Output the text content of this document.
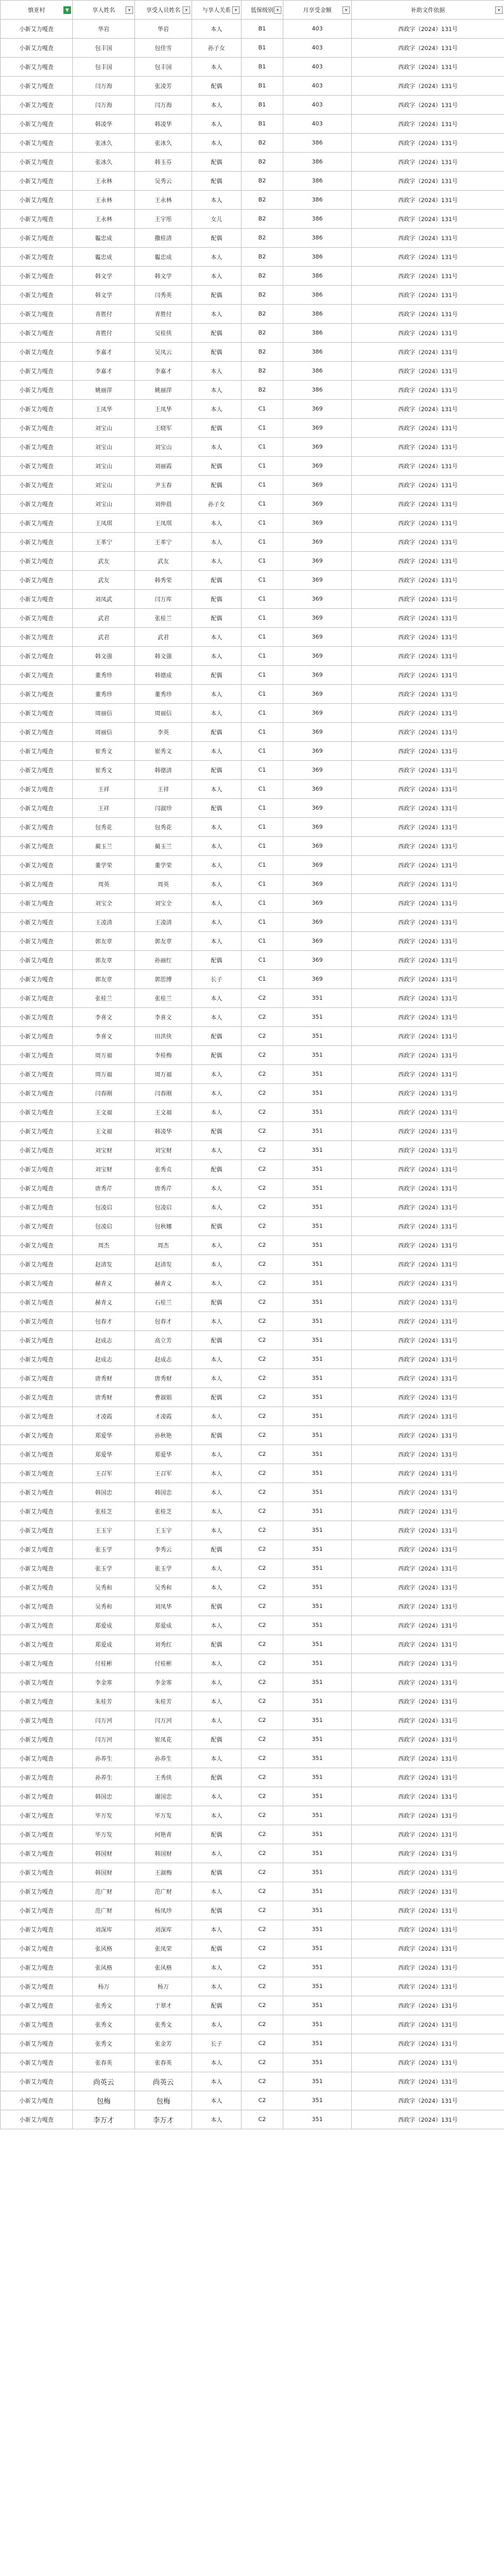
慎亚村 ▼	享人姓名 ▾	享受人员姓名 ▾	与享人关系 ▾	低保级别 ▾	月享受金额 ▾	补助文件依据 ▾

小新艾力嘎査	华岩	华岩	本人	B1	403	西政字（2024）131号
小新艾力嘎査	包丰国	包佳雪	孙子女	B1	403	西政字（2024）131号
小新艾力嘎査	包丰国	包丰国	本人	B1	403	西政字（2024）131号
小新艾力嘎査	闫万海	张凌芳	配偶	B1	403	西政字（2024）131号
小新艾力嘎査	闫万海	闫万海	本人	B1	403	西政字（2024）131号
小新艾力嘎査	韩凌华	韩凌华	本人	B1	403	西政字（2024）131号
小新艾力嘎査	张冰久	张冰久	本人	B2	386	西政字（2024）131号
小新艾力嘎査	张冰久	韩玉芬	配偶	B2	386	西政字（2024）131号
小新艾力嘎査	王永林	吴秀云	配偶	B2	386	西政字（2024）131号
小新艾力嘎査	王永林	王永林	本人	B2	386	西政字（2024）131号
小新艾力嘎査	王永林	王宇彤	女儿	B2	386	西政字（2024）131号
小新艾力嘎査	韞忠成	撒桂清	配偶	B2	386	西政字（2024）131号
小新艾力嘎査	韞忠成	韞忠成	本人	B2	386	西政字（2024）131号
小新艾力嘎査	韩文学	韩文学	本人	B2	386	西政字（2024）131号
小新艾力嘎査	韩文学	闫秀英	配偶	B2	386	西政字（2024）131号
小新艾力嘎査	青胜付	青胜付	本人	B2	386	西政字（2024）131号
小新艾力嘎査	青胜付	吴桂侠	配偶	B2	386	西政字（2024）131号
小新艾力嘎査	李嘉才	吴凤云	配偶	B2	386	西政字（2024）131号
小新艾力嘎査	李嘉才	李嘉才	本人	B2	386	西政字（2024）131号
小新艾力嘎査	姚丽萍	姚丽萍	本人	B2	386	西政字（2024）131号
小新艾力嘎査	王凤华	王凤华	本人	C1	369	西政字（2024）131号
小新艾力嘎査	刘宝山	王晓军	配偶	C1	369	西政字（2024）131号
小新艾力嘎査	刘宝山	刘宝山	本人	C1	369	西政字（2024）131号
小新艾力嘎査	刘宝山	刘丽霞	配偶	C1	369	西政字（2024）131号
小新艾力嘎査	刘宝山	尹玉春	配偶	C1	369	西政字（2024）131号
小新艾力嘎査	刘宝山	刘仲晨	孙子女	C1	369	西政字（2024）131号
小新艾力嘎査	王凤琪	王凤琪	本人	C1	369	西政字（2024）131号
小新艾力嘎査	王革宁	王革宁	本人	C1	369	西政字（2024）131号
小新艾力嘎査	武友	武友	本人	C1	369	西政字（2024）131号
小新艾力嘎査	武友	韩秀荣	配偶	C1	369	西政字（2024）131号
小新艾力嘎査	刘凤武	闫万库	配偶	C1	369	西政字（2024）131号
小新艾力嘎査	武君	张桂兰	配偶	C1	369	西政字（2024）131号
小新艾力嘎査	武君	武君	本人	C1	369	西政字（2024）131号
小新艾力嘎査	韩文强	韩文强	本人	C1	369	西政字（2024）131号
小新艾力嘎査	董秀珍	韩德成	配偶	C1	369	西政字（2024）131号
小新艾力嘎査	董秀珍	董秀珍	本人	C1	369	西政字（2024）131号
小新艾力嘎査	周丽信	周丽信	本人	C1	369	西政字（2024）131号
小新艾力嘎査	周丽信	李英	配偶	C1	369	西政字（2024）131号
小新艾力嘎査	崔秀文	崔秀文	本人	C1	369	西政字（2024）131号
小新艾力嘎査	崔秀文	韩德清	配偶	C1	369	西政字（2024）131号
小新艾力嘎査	王祥	王祥	本人	C1	369	西政字（2024）131号
小新艾力嘎査	王祥	闫淑珍	配偶	C1	369	西政字（2024）131号
小新艾力嘎査	包秀花	包秀花	本人	C1	369	西政字（2024）131号
小新艾力嘎査	蔺玉兰	蔺玉兰	本人	C1	369	西政字（2024）131号
小新艾力嘎査	董学荣	董学荣	本人	C1	369	西政字（2024）131号
小新艾力嘎査	周英	周英	本人	C1	369	西政字（2024）131号
小新艾力嘎査	刘宝全	刘宝全	本人	C1	369	西政字（2024）131号
小新艾力嘎査	王凌清	王凌清	本人	C1	369	西政字（2024）131号
小新艾力嘎査	郭友章	郭友章	本人	C1	369	西政字（2024）131号
小新艾力嘎査	郭友章	孙丽红	配偶	C1	369	西政字（2024）131号
小新艾力嘎査	郭友章	郭思博	长子	C1	369	西政字（2024）131号
小新艾力嘎査	张桂兰	张桂兰	本人	C2	351	西政字（2024）131号
小新艾力嘎査	李喜文	李喜文	本人	C2	351	西政字（2024）131号
小新艾力嘎査	李喜文	田洪侠	配偶	C2	351	西政字（2024）131号
小新艾力嘎査	周万福	李桂梅	配偶	C2	351	西政字（2024）131号
小新艾力嘎査	周万福	周万福	本人	C2	351	西政字（2024）131号
小新艾力嘎査	闫春刚	闫春刚	本人	C2	351	西政字（2024）131号
小新艾力嘎査	王文福	王文福	本人	C2	351	西政字（2024）131号
小新艾力嘎査	王文福	韩凌华	配偶	C2	351	西政字（2024）131号
小新艾力嘎査	刘宝财	刘宝财	本人	C2	351	西政字（2024）131号
小新艾力嘎査	刘宝财	张秀贞	配偶	C2	351	西政字（2024）131号
小新艾力嘎査	唐秀芹	唐秀芹	本人	C2	351	西政字（2024）131号
小新艾力嘎査	包凌启	包凌启	本人	C2	351	西政字（2024）131号
小新艾力嘎査	包凌启	包秋娜	配偶	C2	351	西政字（2024）131号
小新艾力嘎査	周杰	周杰	本人	C2	351	西政字（2024）131号
小新艾力嘎査	赵清发	赵清发	本人	C2	351	西政字（2024）131号
小新艾力嘎査	赫青义	赫青义	本人	C2	351	西政字（2024）131号
小新艾力嘎査	赫青义	石桂兰	配偶	C2	351	西政字（2024）131号
小新艾力嘎査	包春才	包春才	本人	C2	351	西政字（2024）131号
小新艾力嘎査	赵成志	高立芳	配偶	C2	351	西政字（2024）131号
小新艾力嘎査	赵成志	赵成志	本人	C2	351	西政字（2024）131号
小新艾力嘎査	唐秀财	唐秀财	本人	C2	351	西政字（2024）131号
小新艾力嘎査	唐秀财	曹淑娟	配偶	C2	351	西政字（2024）131号
小新艾力嘎査	才凌霞	才凌霞	本人	C2	351	西政字（2024）131号
小新艾力嘎査	郑爱华	孙秋艳	配偶	C2	351	西政字（2024）131号
小新艾力嘎査	郑爱华	郑爱华	本人	C2	351	西政字（2024）131号
小新艾力嘎査	王召军	王召军	本人	C2	351	西政字（2024）131号
小新艾力嘎査	韩国忠	韩国忠	本人	C2	351	西政字（2024）131号
小新艾力嘎査	张桂芝	张桂芝	本人	C2	351	西政字（2024）131号
小新艾力嘎査	王玉宇	王玉宇	本人	C2	351	西政字（2024）131号
小新艾力嘎査	张玉学	李秀云	配偶	C2	351	西政字（2024）131号
小新艾力嘎査	张玉学	张玉学	本人	C2	351	西政字（2024）131号
小新艾力嘎査	吴秀和	吴秀和	本人	C2	351	西政字（2024）131号
小新艾力嘎査	吴秀和	刘凤华	配偶	C2	351	西政字（2024）131号
小新艾力嘎査	郑爱成	郑爱成	本人	C2	351	西政字（2024）131号
小新艾力嘎査	郑爱成	刘秀红	配偶	C2	351	西政字（2024）131号
小新艾力嘎査	付桂彬	付桂彬	本人	C2	351	西政字（2024）131号
小新艾力嘎査	李金寒	李金寒	本人	C2	351	西政字（2024）131号
小新艾力嘎査	朱桂芳	朱桂芳	本人	C2	351	西政字（2024）131号
小新艾力嘎査	闫万河	闫万河	本人	C2	351	西政字（2024）131号
小新艾力嘎査	闫万河	崔凤花	配偶	C2	351	西政字（2024）131号
小新艾力嘎査	孙养生	孙养生	本人	C2	351	西政字（2024）131号
小新艾力嘎査	孙养生	王秀侠	配偶	C2	351	西政字（2024）131号
小新艾力嘎査	韩国忠	谢国忠	本人	C2	351	西政字（2024）131号
小新艾力嘎査	毕万发	毕万发	本人	C2	351	西政字（2024）131号
小新艾力嘎査	毕万发	何艳青	配偶	C2	351	西政字（2024）131号
小新艾力嘎査	韩国财	韩国财	本人	C2	351	西政字（2024）131号
小新艾力嘎査	韩国财	王淑梅	配偶	C2	351	西政字（2024）131号
小新艾力嘎査	范广财	范广财	本人	C2	351	西政字（2024）131号
小新艾力嘎査	范广财	杨凤珍	配偶	C2	351	西政字（2024）131号
小新艾力嘎査	刘深库	刘深库	本人	C2	351	西政字（2024）131号
小新艾力嘎査	张风格	张凤荣	配偶	C2	351	西政字（2024）131号
小新艾力嘎査	张风格	张风格	本人	C2	351	西政字（2024）131号
小新艾力嘎査	杨万	杨万	本人	C2	351	西政字（2024）131号
小新艾力嘎査	张秀文	于翠才	配偶	C2	351	西政字（2024）131号
小新艾力嘎査	张秀文	张秀文	本人	C2	351	西政字（2024）131号
小新艾力嘎査	张秀文	张金芳	长子	C2	351	西政字（2024）131号
小新艾力嘎査	张春英	张春英	本人	C2	351	西政字（2024）131号
小新艾力嘎査	尚英云	尚英云	本人	C2	351	西政字（2024）131号
小新艾力嘎査	包梅	包梅	本人	C2	351	西政字（2024）131号
小新艾力嘎査	李万才	李万才	本人	C2	351	西政字（2024）131号
